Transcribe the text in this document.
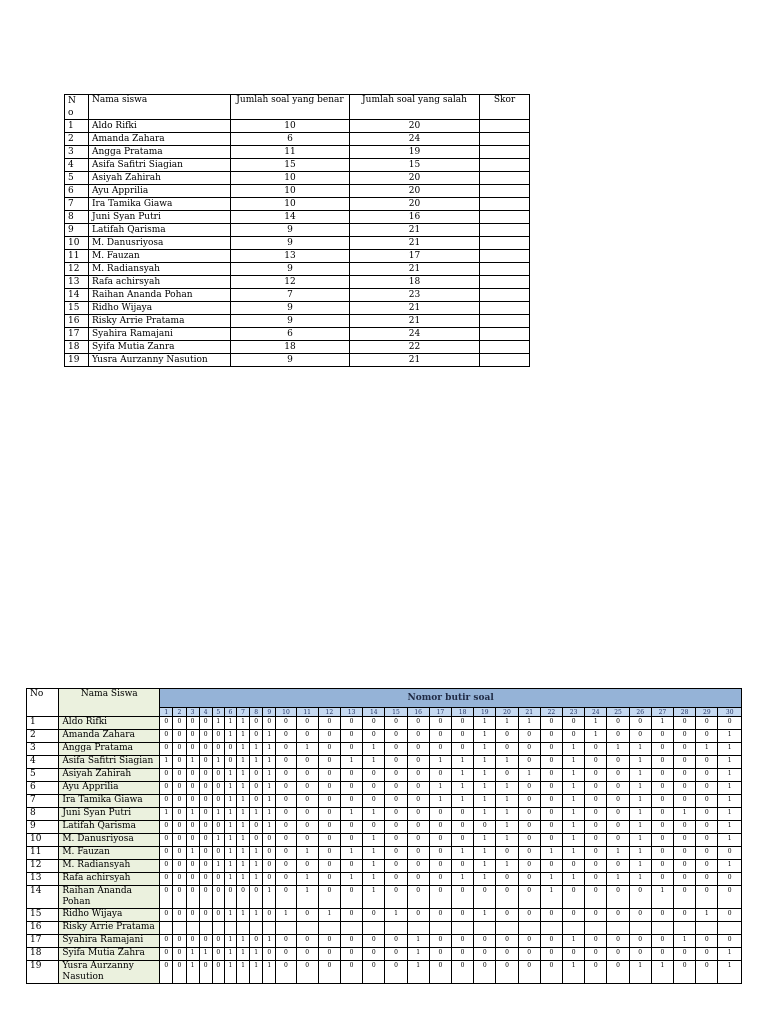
N
o	Nama siswa	Jumlah soal yang benar	Jumlah soal yang salah	Skor
1	Aldo Rifki	10	20	
2	Amanda Zahara	6	24	
3	Angga Pratama	11	19	
4	Asifa Safitri Siagian	15	15	
5	Asiyah Zahirah	10	20	
6	Ayu Apprilia	10	20	
7	Ira Tamika Giawa	10	20	
8	Juni Syan Putri	14	16	
9	Latifah Qarisma	9	21	
10	M. Danusriyosa	9	21	
11	M. Fauzan	13	17	
12	M. Radiansyah	9	21	
13	Rafa achirsyah	12	18	
14	Raihan Ananda Pohan	7	23	
15	Ridho Wijaya	9	21	
16	Risky Arrie Pratama	9	21	
17	Syahira Ramajani	6	24	
18	Syifa Mutia Zanra	18	22	
19	Yusra Aurzanny Nasution	9	21	
No	Nama Siswa	Nomor butir soal																													
		1	2	3	4	5	6	7	8	9	10	11	12	13	14	15	16	17	18	19	20	21	22	23	24	25	26	27	28	29	30
1	Aldo Rifki	0	0	0	0	1	1	1	0	0	0	0	0	0	0	0	0	0	0	1	1	1	0	0	1	0	0	1	0	0	0
2	Amanda Zahara	0	0	0	0	0	1	1	0	1	0	0	0	0	0	0	0	0	0	1	0	0	0	0	1	0	0	0	0	0	1
3	Angga Pratama	0	0	0	0	0	0	1	1	1	0	1	0	0	1	0	0	0	0	1	0	0	0	1	0	1	1	0	0	1	1
4	Asifa Safitri Siagian	1	0	1	0	1	0	1	1	1	0	0	0	1	1	0	0	1	1	1	1	0	0	1	0	0	1	0	0	0	1
5	Asiyah Zahirah	0	0	0	0	0	1	1	0	1	0	0	0	0	0	0	0	0	1	1	0	1	0	1	0	0	1	0	0	0	1
6	Ayu Apprilia	0	0	0	0	0	1	1	0	1	0	0	0	0	0	0	0	1	1	1	1	0	0	1	0	0	1	0	0	0	1
7	Ira Tamika Giawa	0	0	0	0	0	1	1	0	1	0	0	0	0	0	0	0	1	1	1	1	0	0	1	0	0	1	0	0	0	1
8	Juni Syan Putri	1	0	1	0	1	1	1	1	1	0	0	0	1	1	0	0	0	0	1	1	0	0	1	0	0	1	0	1	0	1
9	Latifah Qarisma	0	0	0	0	0	1	1	0	1	0	0	0	0	0	0	0	0	0	0	1	0	0	1	0	0	1	0	0	0	1
10	M. Danusriyosa	0	0	0	0	1	1	1	0	0	0	0	0	0	1	0	0	0	0	1	1	0	0	1	0	0	1	0	0	0	1
11	M. Fauzan	0	0	1	0	0	1	1	1	0	0	1	0	1	1	0	0	0	1	1	0	0	1	1	0	1	1	0	0	0	0
12	M. Radiansyah	0	0	0	0	1	1	1	1	0	0	0	0	0	1	0	0	0	0	1	1	0	0	0	0	0	1	0	0	0	1
13	Rafa achirsyah	0	0	0	0	0	1	1	1	0	0	1	0	1	1	0	0	0	1	1	0	0	1	1	0	1	1	0	0	0	0
14	Raihan Ananda Pohan	0	0	0	0	0	0	0	0	1	0	1	0	0	1	0	0	0	0	0	0	0	1	0	0	0	0	1	0	0	0
15	Ridho Wijaya	0	0	0	0	0	1	1	1	0	1	0	1	0	0	1	0	0	0	1	0	0	0	0	0	0	0	0	0	1	0
16	Risky Arrie Pratama																														
17	Syahira Ramajani	0	0	0	0	0	1	1	0	1	0	0	0	0	0	0	1	0	0	0	0	0	0	1	0	0	0	0	1	0	0
18	Syifa Mutia Zahra	0	0	1	1	0	1	1	1	0	0	0	0	0	0	0	1	0	0	0	0	0	0	0	0	0	0	0	0	0	1
19	Yusra Aurzanny Nasution	0	0	1	0	0	1	1	1	1	0	0	0	0	0	0	1	0	0	0	0	0	0	1	0	0	1	1	0	0	1
